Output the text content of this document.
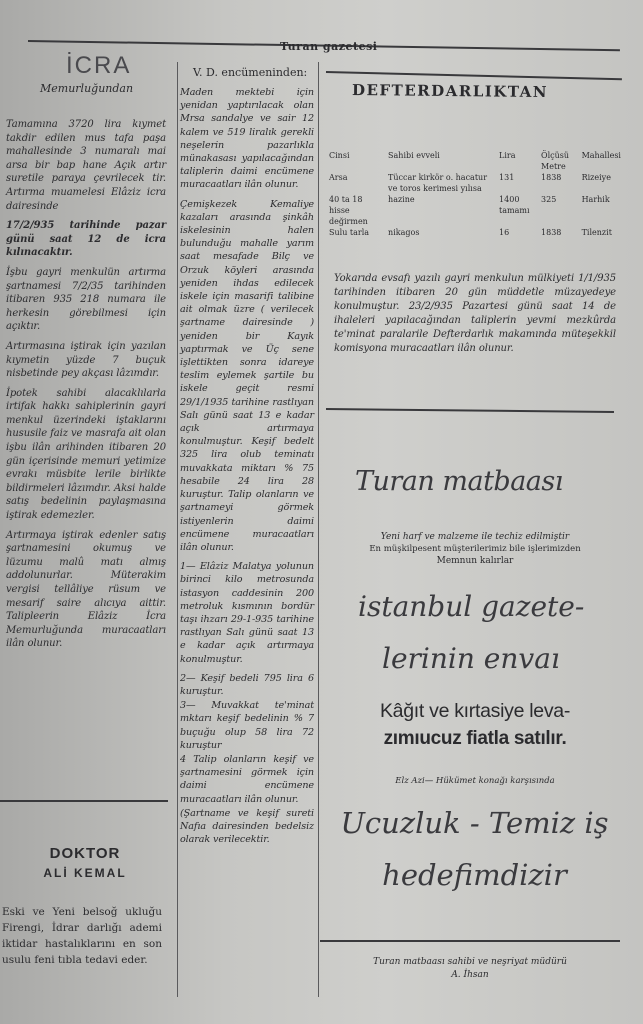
Turan gazetesi
İCRA
Memurluğundan

Tamamına 3720 lira kıymet takdir edilen mus tafa paşa mahallesinde 3 numaralı mai arsa bir bap hane Açık artır suretile paraya çevrilecek tir. Artırma muamelesi Elâziz icra dairesinde

17/2/935 tarihinde pazar günü saat 12 de icra kılınacaktır.

İşbu gayri menkulün artırma şartnamesi 7/2/35 tarihinden itibaren 935 218 numara ile herkesin görebilmesi için açıktır.

Artırmasına iştirak için yazılan kıymetin yüzde 7 buçuk nisbetinde pey akçası lâzımdır.

İpotek sahibi alacaklılarla irtifak hakkı sahiplerinin gayri menkul üzerindeki iştaklarını hususile faiz ve masrafa ait olan işbu ilân arihinden itibaren 20 gün içerisinde memuri yetimize evrakı müsbite lerile birlikte bildirmeleri lâzımdır. Aksi halde satış bedelinin paylaşmasına iştirak edemezler.

Artırmaya iştirak edenler satış şartnamesini okumuş ve lüzumu malû matı almış addolunurlar. Müterakim vergisi tellâliye rüsum ve mesarif saire alıcıya aittir. Talipleerin Elâziz İcra Memurluğunda muracaatları ilân olunur.

DOKTOR
ALİ KEMAL
Eski ve Yeni belsoğ ukluğu Firengi, İdrar darlığı ademi iktidar hastalıklarını en son usulu feni tıbla tedavi eder.
V. D. encümeninden:

Maden mektebi için yenidan yaptırılacak olan Mrsa sandalye ve sair 12 kalem ve 519 liralık gerekli neşelerin pazarlıkla münakasası yapılacağından taliplerin daimi encümene muracaatları ilân olunur.

Çemişkezek Kemaliye kazaları arasında şinkâh iskelesinin halen bulunduğu mahalle yarım saat mesafade Bilç ve Orzuk köyleri arasında yeniden ihdas edilecek iskele için masarifi talibine ait olmak üzre ( verilecek şartname dairesinde ) yeniden bir Kayık yaptırmak ve Üç sene işlettikten sonra idareye teslim eylemek şartile bu iskele geçit resmi 29/1/1935 tarihine rastlıyan Salı günü saat 13 e kadar açık artırmaya konulmuştur. Keşif bedelt 325 lira olub teminatı muvakkata miktarı % 75 hesabile 24 lira 28 kuruştur. Talip olanların ve şartnameyi görmek istiyenlerin daimi encümene muracaatları ilân olunur.

1— Elâziz Malatya yolunun birinci kilo metrosunda istasyon caddesinin 200 metroluk kısmının bordür taşı ihzarı 29-1-935 tarihine rastlıyan Salı günü saat 13 e kadar açık artırmaya konulmuştur.

2— Keşif bedeli 795 lira 6 kuruştur.

3— Muvakkat te'minat mktarı keşif bedelinin % 7 buçuğu olup 58 lira 72 kuruştur

4 Talip olanların keşif ve şartnamesini görmek için daimi encümene muracaatları ilân olunur.

(Şartname ve keşif sureti Nafıa dairesinden bedelsiz olarak verilecektir.

DEFTERDARLIKTAN
Cinsi	Sahibi evveli	Lira	Ölçüsü Metre	Mahallesi
Arsa	Tüccar kirkör o. hacatur ve toros kerimesi yılısa	131	1838	Rizeiye
40 ta 18 hisse değirmen	hazine	1400 tamamı	325	Harhik
Sulu tarla	nikagos	16	1838	Tilenzit
Yokarıda evsafı yazılı gayri menkulun mülkiyeti 1/1/935 tarihinden itibaren 20 gün müddetle müzayedeye konulmuştur. 23/2/935 Pazartesi günü saat 14 de ihaleleri yapılacağından taliplerin yevmi mezkûrda te'minat paralarile Defterdarlık makamında müteşekkil komisyona muracaatları ilân olunur.
Turan matbaası
Yeni harf ve malzeme ile techiz edilmiştir
En müşkilpesent müşterilerimiz bile işlerimizden
Memnun kalırlar
istanbul gazete-
lerinin envaı
Kâğıt ve kırtasiye leva-
zımıucuz fiatla satılır.
Elz Azi— Hükümet konağı karşısında
Ucuzluk - Temiz iş
hedefimdizir
Turan matbaası sahibi ve neşriyat müdürü
A. İhsan
